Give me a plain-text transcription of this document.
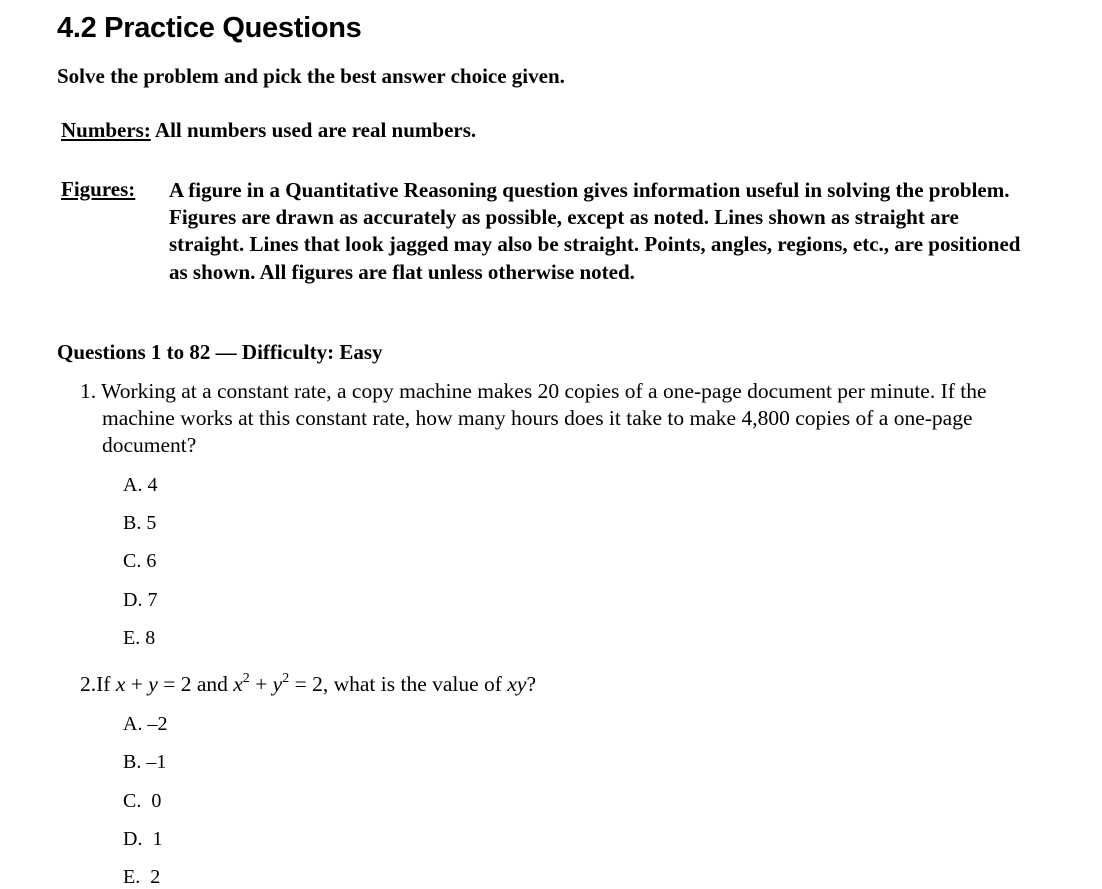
4.2 Practice Questions
Solve the problem and pick the best answer choice given.
Numbers: All numbers used are real numbers.
Figures: A figure in a Quantitative Reasoning question gives information useful in solving the problem. Figures are drawn as accurately as possible, except as noted. Lines shown as straight are straight. Lines that look jagged may also be straight. Points, angles, regions, etc., are positioned as shown. All figures are flat unless otherwise noted.
Questions 1 to 82 — Difficulty: Easy
1. Working at a constant rate, a copy machine makes 20 copies of a one-page document per minute. If the machine works at this constant rate, how many hours does it take to make 4,800 copies of a one-page document?
A. 4
B. 5
C. 6
D. 7
E. 8
2.If x + y = 2 and $x^2 + y^2 = 2$, what is the value of xy?
A. –2
B. –1
C.  0
D.  1
E.  2
